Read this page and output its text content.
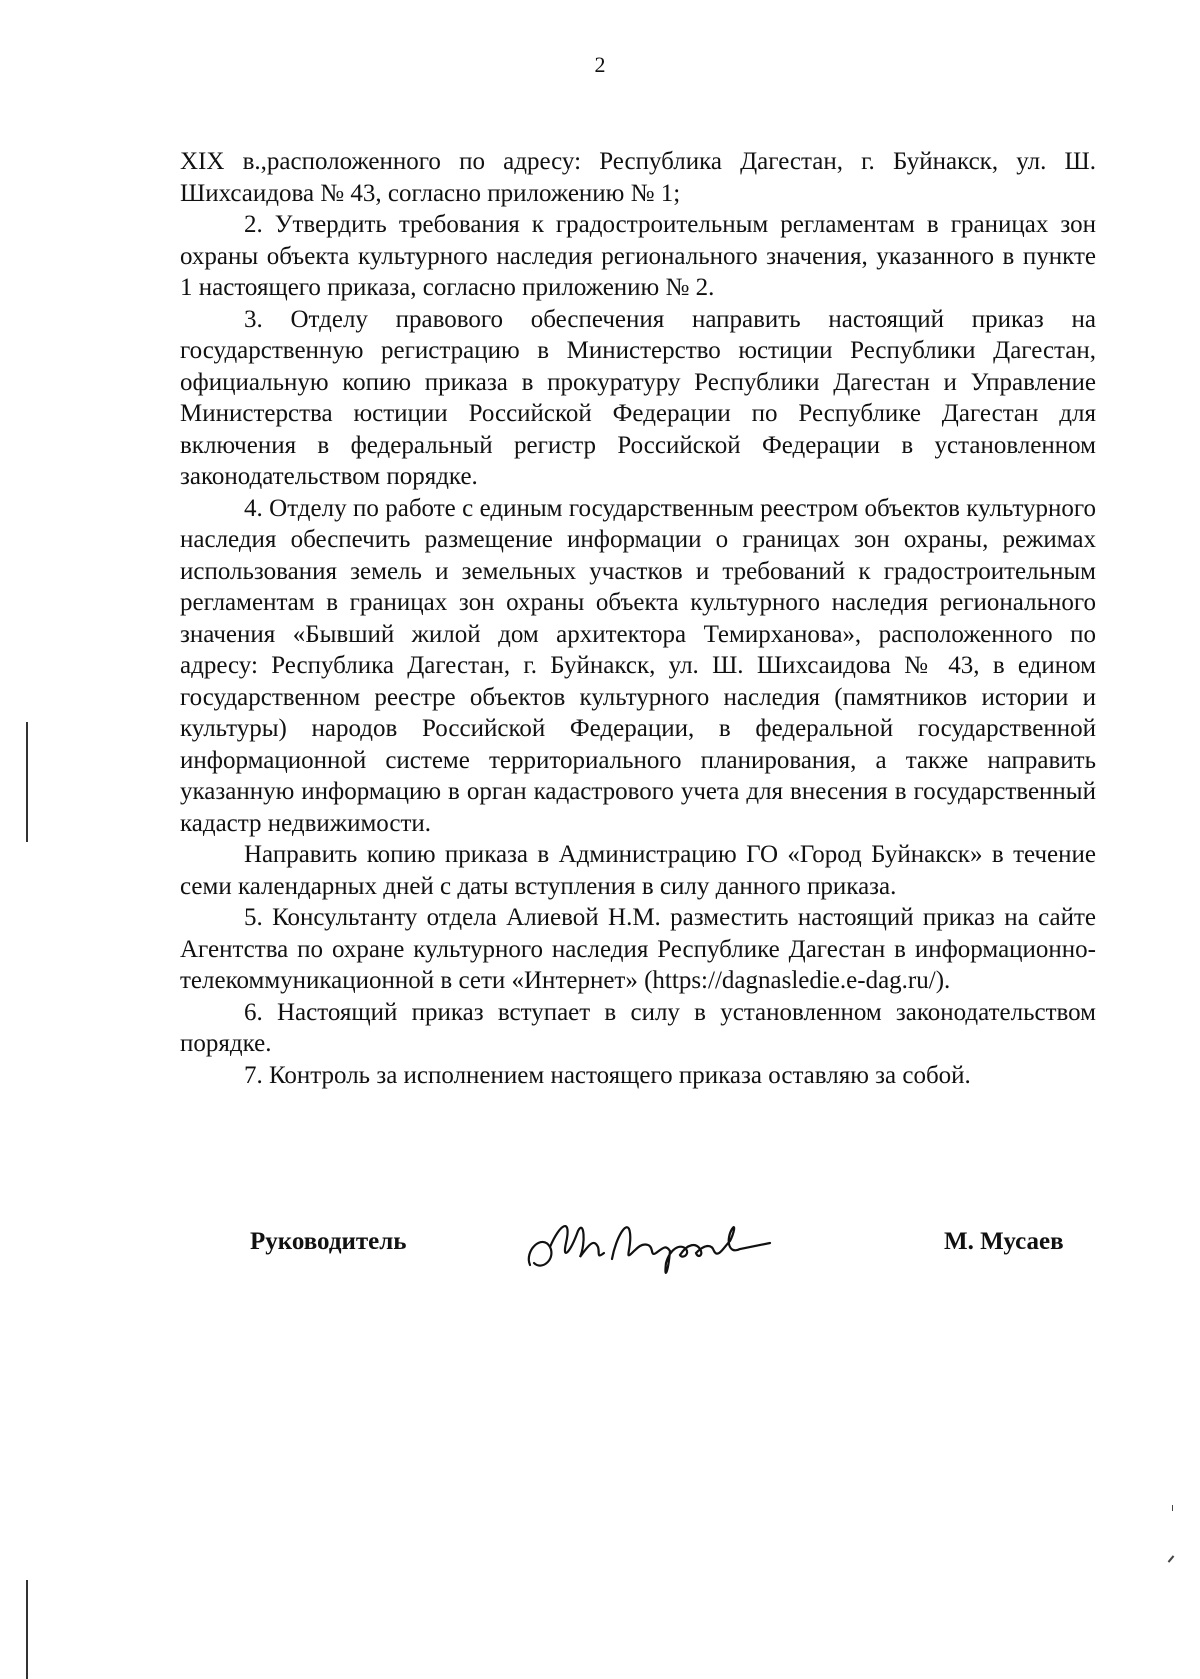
2

XIX в.,расположенного по адресу: Республика Дагестан, г. Буйнакск, ул. Ш. Шихсаидова № 43, согласно приложению № 1;

2. Утвердить требования к градостроительным регламентам в границах зон охраны объекта культурного наследия регионального значения, указанного в пункте 1 настоящего приказа, согласно приложению № 2.

3. Отделу правового обеспечения направить настоящий приказ на государственную регистрацию в Министерство юстиции Республики Дагестан, официальную копию приказа в прокуратуру Республики Дагестан и Управление Министерства юстиции Российской Федерации по Республике Дагестан для включения в федеральный регистр Российской Федерации в установленном законодательством порядке.

4. Отделу по работе с единым государственным реестром объектов культурного наследия обеспечить размещение информации о границах зон охраны, режимах использования земель и земельных участков и требований к градостроительным регламентам в границах зон охраны объекта культурного наследия регионального значения «Бывший жилой дом архитектора Темирханова», расположенного по адресу: Республика Дагестан, г. Буйнакск, ул. Ш. Шихсаидова № 43, в едином государственном реестре объектов культурного наследия (памятников истории и культуры) народов Российской Федерации, в федеральной государственной информационной системе территориального планирования, а также направить указанную информацию в орган кадастрового учета для внесения в государственный кадастр недвижимости.

Направить копию приказа в Администрацию ГО «Город Буйнакск» в течение семи календарных дней с даты вступления в силу данного приказа.

5. Консультанту отдела Алиевой Н.М. разместить настоящий приказ на сайте Агентства по охране культурного наследия Республике Дагестан в информационно-телекоммуникационной в сети «Интернет» (https://dagnasledie.e-dag.ru/).

6. Настоящий приказ вступает в силу в установленном законодательством порядке.

7. Контроль за исполнением настоящего приказа оставляю за собой.

Руководитель	М. Мусаев
